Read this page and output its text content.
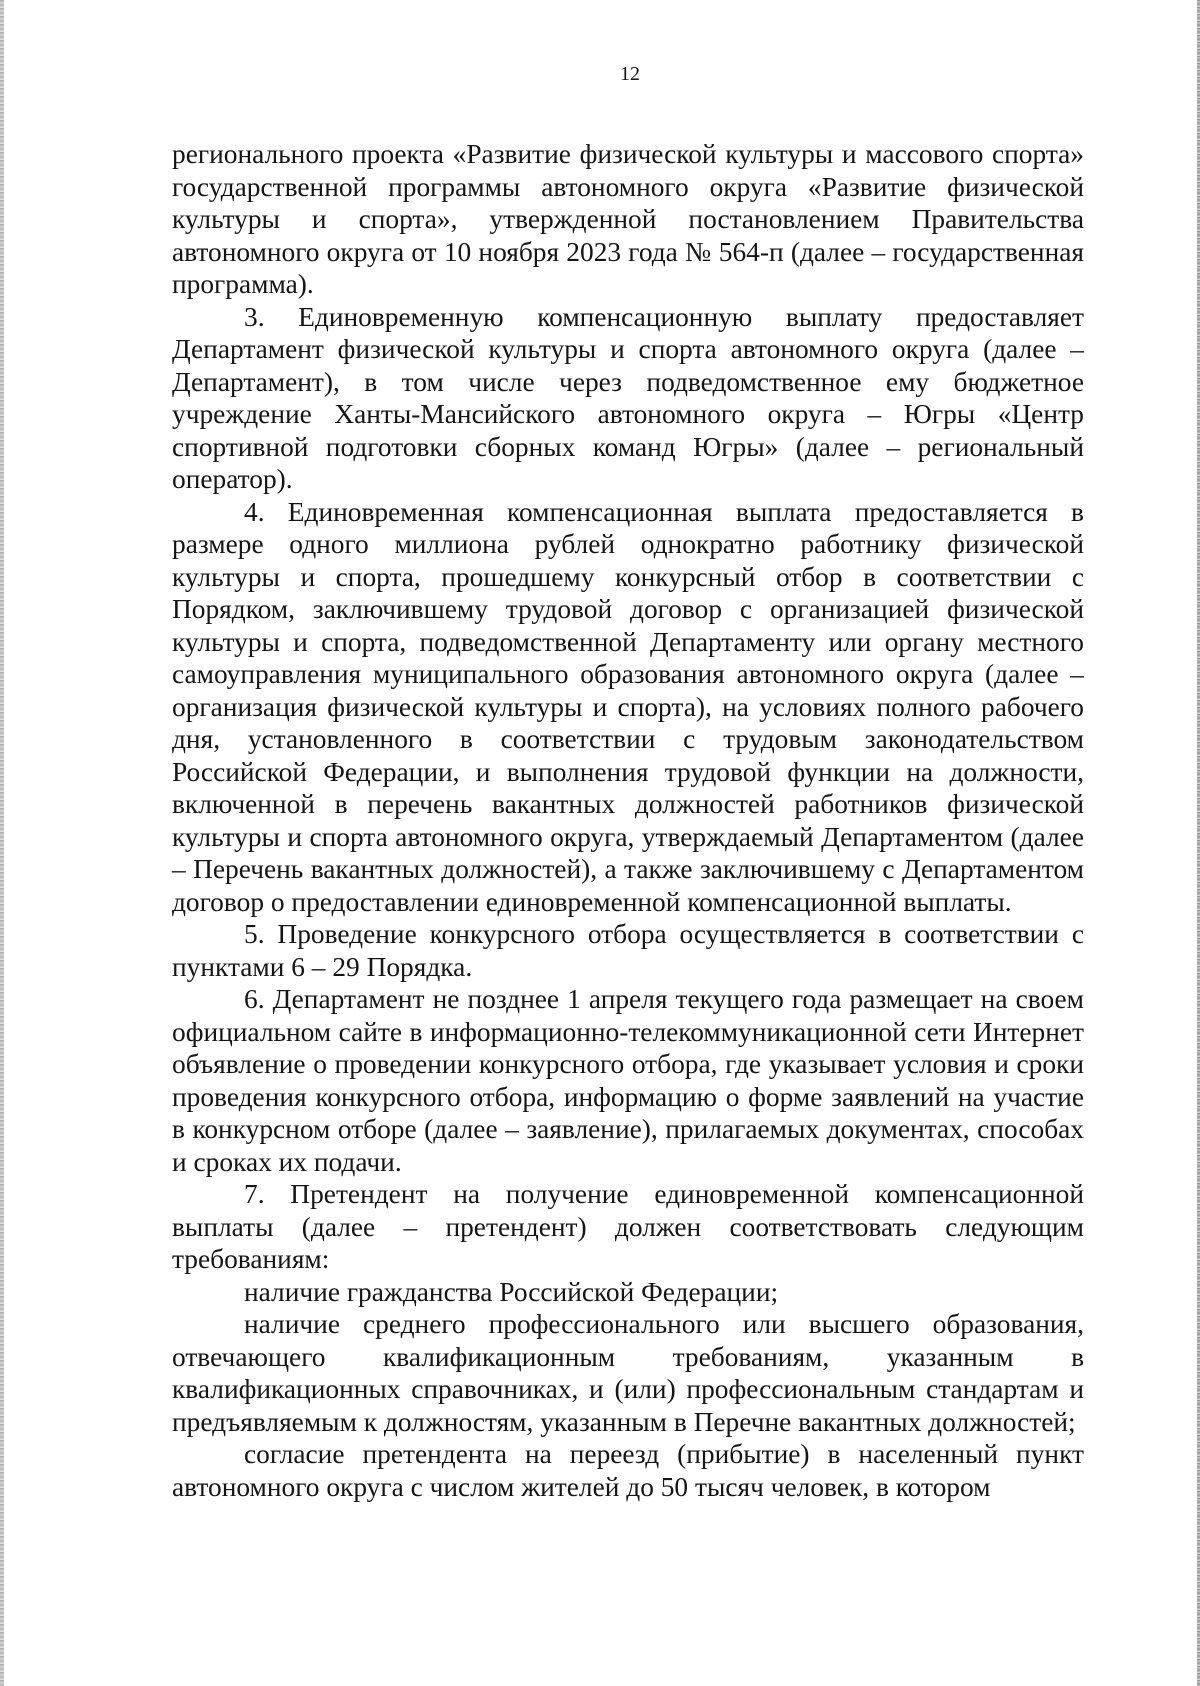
12

регионального проекта «Развитие физической культуры и массового спорта» государственной программы автономного округа «Развитие физической культуры и спорта», утвержденной постановлением Правительства автономного округа от 10 ноября 2023 года № 564-п (далее – государственная программа).

3. Единовременную компенсационную выплату предоставляет Департамент физической культуры и спорта автономного округа (далее – Департамент), в том числе через подведомственное ему бюджетное учреждение Ханты-Мансийского автономного округа – Югры «Центр спортивной подготовки сборных команд Югры» (далее – региональный оператор).

4. Единовременная компенсационная выплата предоставляется в размере одного миллиона рублей однократно работнику физической культуры и спорта, прошедшему конкурсный отбор в соответствии с Порядком, заключившему трудовой договор с организацией физической культуры и спорта, подведомственной Департаменту или органу местного самоуправления муниципального образования автономного округа (далее – организация физической культуры и спорта), на условиях полного рабочего дня, установленного в соответствии с трудовым законодательством Российской Федерации, и выполнения трудовой функции на должности, включенной в перечень вакантных должностей работников физической культуры и спорта автономного округа, утверждаемый Департаментом (далее – Перечень вакантных должностей), а также заключившему с Департаментом договор о предоставлении единовременной компенсационной выплаты.

5. Проведение конкурсного отбора осуществляется в соответствии с пунктами 6 – 29 Порядка.

6. Департамент не позднее 1 апреля текущего года размещает на своем официальном сайте в информационно-телекоммуникационной сети Интернет объявление о проведении конкурсного отбора, где указывает условия и сроки проведения конкурсного отбора, информацию о форме заявлений на участие в конкурсном отборе (далее – заявление), прилагаемых документах, способах и сроках их подачи.

7. Претендент на получение единовременной компенсационной выплаты (далее – претендент) должен соответствовать следующим требованиям:

наличие гражданства Российской Федерации;

наличие среднего профессионального или высшего образования, отвечающего квалификационным требованиям, указанным в квалификационных справочниках, и (или) профессиональным стандартам и предъявляемым к должностям, указанным в Перечне вакантных должностей;

согласие претендента на переезд (прибытие) в населенный пункт автономного округа с числом жителей до 50 тысяч человек, в котором
